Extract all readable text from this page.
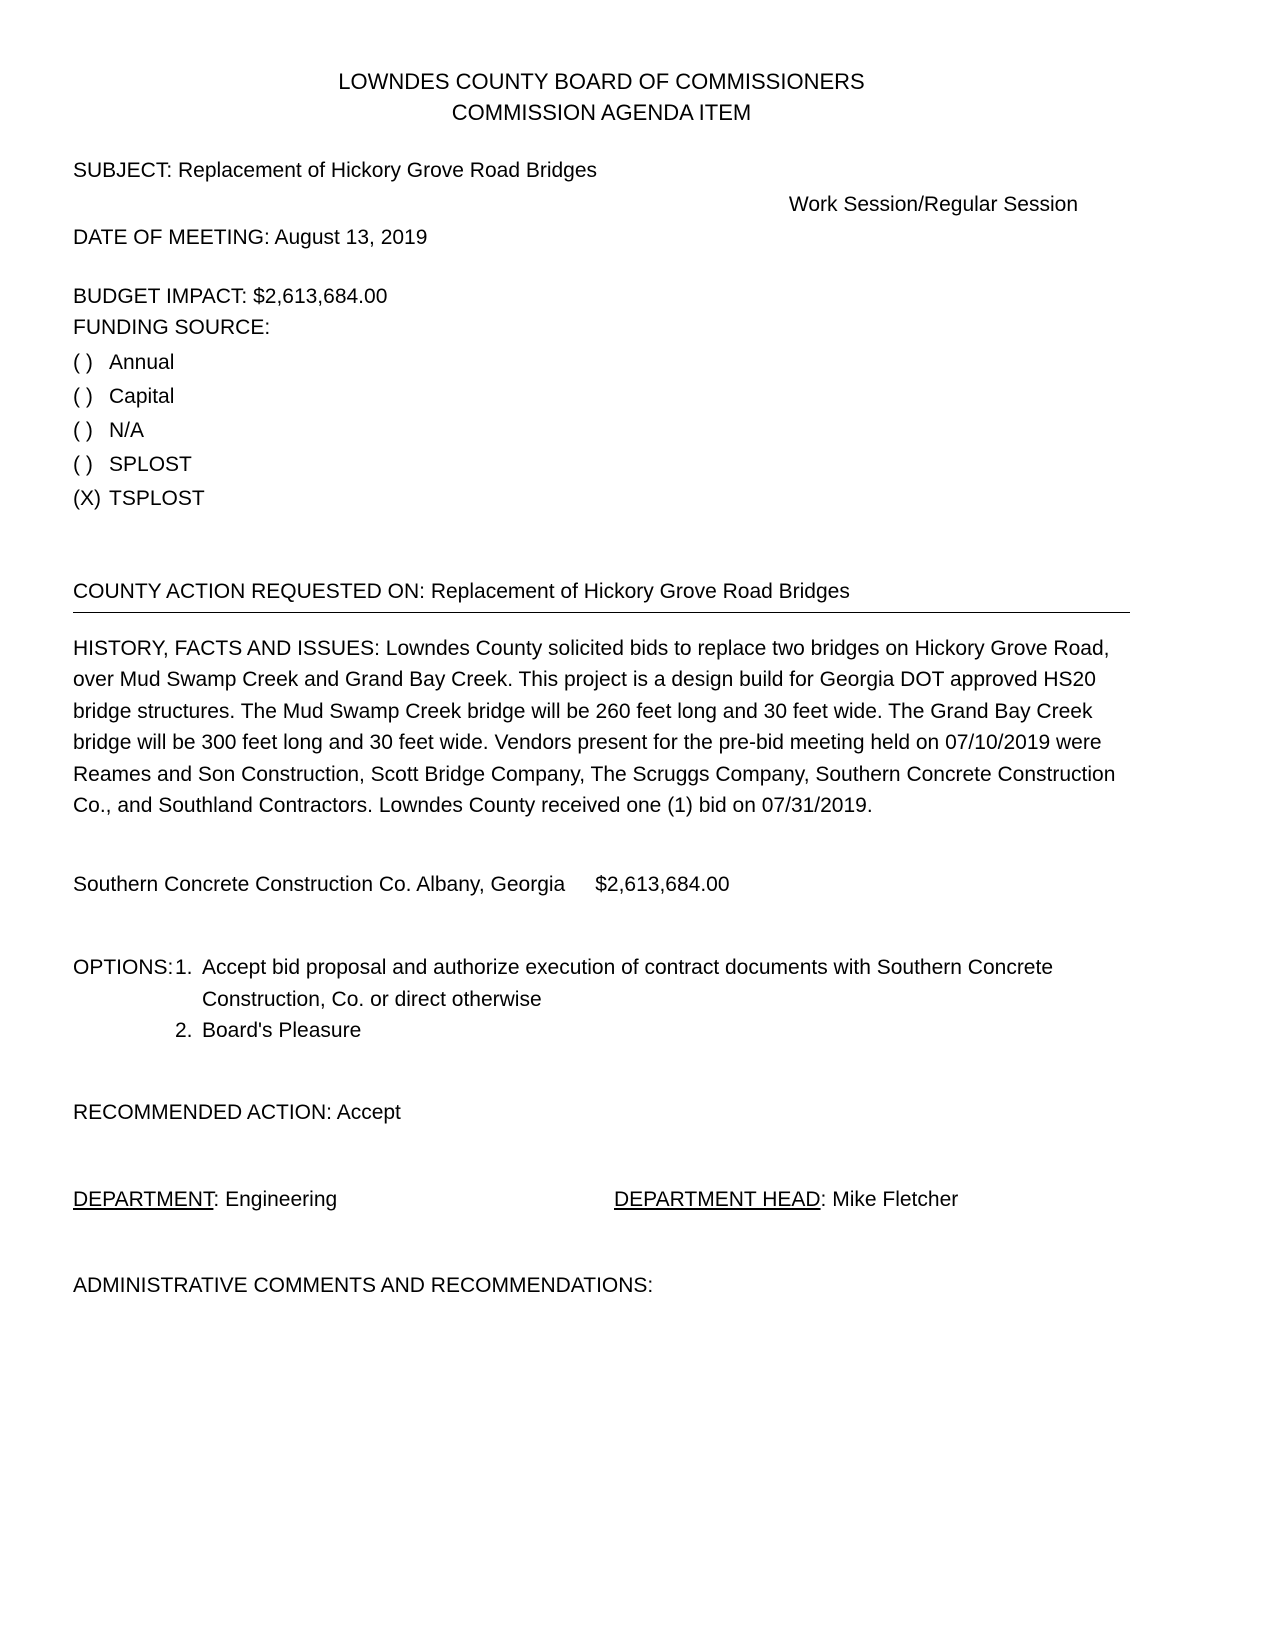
LOWNDES COUNTY BOARD OF COMMISSIONERS
COMMISSION AGENDA ITEM
SUBJECT: Replacement of Hickory Grove Road Bridges
Work Session/Regular Session
DATE OF MEETING: August 13, 2019
BUDGET IMPACT: $2,613,684.00
FUNDING SOURCE:
( ) Annual
( ) Capital
( ) N/A
( ) SPLOST
(X) TSPLOST
COUNTY ACTION REQUESTED ON: Replacement of Hickory Grove Road Bridges
HISTORY, FACTS AND ISSUES: Lowndes County solicited bids to replace two bridges on Hickory Grove Road, over Mud Swamp Creek and Grand Bay Creek. This project is a design build for Georgia DOT approved HS20 bridge structures. The Mud Swamp Creek bridge will be 260 feet long and 30 feet wide. The Grand Bay Creek bridge will be 300 feet long and 30 feet wide. Vendors present for the pre-bid meeting held on 07/10/2019 were Reames and Son Construction, Scott Bridge Company, The Scruggs Company, Southern Concrete Construction Co., and Southland Contractors. Lowndes County received one (1) bid on 07/31/2019.
Southern Concrete Construction Co. Albany, Georgia $2,613,684.00
OPTIONS: 1. Accept bid proposal and authorize execution of contract documents with Southern Concrete Construction, Co. or direct otherwise
2. Board's Pleasure
RECOMMENDED ACTION: Accept
DEPARTMENT: Engineering	DEPARTMENT HEAD: Mike Fletcher
ADMINISTRATIVE COMMENTS AND RECOMMENDATIONS:
